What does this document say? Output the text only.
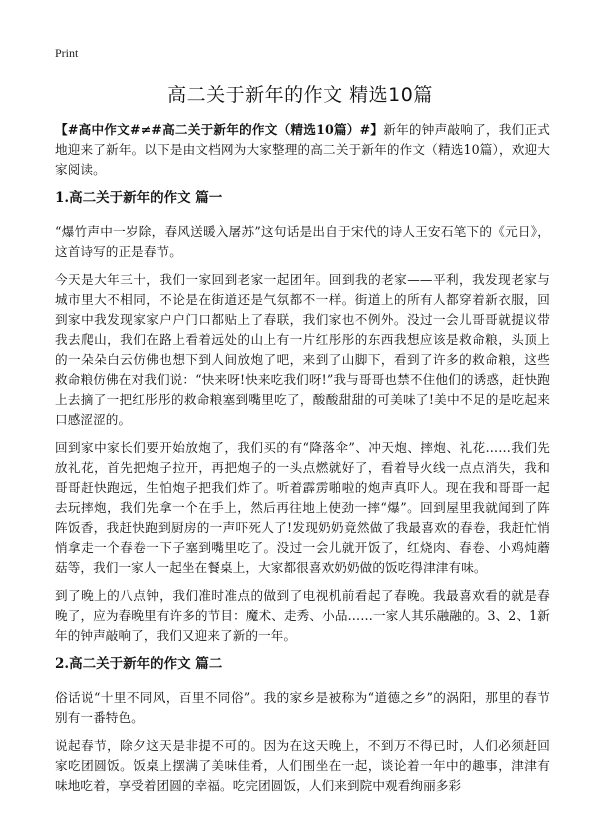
Print
高二关于新年的作文 精选10篇

【#高中作文#≠#高二关于新年的作文（精选10篇）#】新年的钟声敲响了，我们正式地迎来了新年。以下是由文档网为大家整理的高二关于新年的作文（精选10篇），欢迎大家阅读。

1.高二关于新年的作文 篇一

“爆竹声中一岁除，春风送暖入屠苏”这句话是出自于宋代的诗人王安石笔下的《元日》，这首诗写的正是春节。

今天是大年三十，我们一家回到老家一起团年。回到我的老家——平利，我发现老家与城市里大不相同，不论是在街道还是气氛都不一样。街道上的所有人都穿着新衣服，回到家中我发现家家户户门口都贴上了春联，我们家也不例外。没过一会儿哥哥就提议带我去爬山，我们在路上看着远处的山上有一片红彤彤的东西我想应该是救命粮，头顶上的一朵朵白云仿佛也想下到人间放炮了吧，来到了山脚下，看到了许多的救命粮，这些救命粮仿佛在对我们说：“快来呀!快来吃我们呀!”我与哥哥也禁不住他们的诱惑，赶快跑上去摘了一把红彤彤的救命粮塞到嘴里吃了，酸酸甜甜的可美味了!美中不足的是吃起来口感涩涩的。

回到家中家长们要开始放炮了，我们买的有“降落伞”、冲天炮、摔炮、礼花……我们先放礼花，首先把炮子拉开，再把炮子的一头点燃就好了，看着导火线一点点消失，我和哥哥赶快跑远，生怕炮子把我们炸了。听着霹雳啪啦的炮声真吓人。现在我和哥哥一起去玩摔炮，我们先拿一个在手上，然后再往地上使劲一摔“爆”。回到屋里我就闻到了阵阵饭香，我赶快跑到厨房的一声吓死人了!发现奶奶竟然做了我最喜欢的春卷，我赶忙悄悄拿走一个春卷一下子塞到嘴里吃了。没过一会儿就开饭了，红烧肉、春卷、小鸡炖蘑菇等，我们一家人一起坐在餐桌上，大家都很喜欢奶奶做的饭吃得津津有味。

到了晚上的八点钟，我们准时准点的做到了电视机前看起了春晚。我最喜欢看的就是春晚了，应为春晚里有许多的节目：魔术、走秀、小品……一家人其乐融融的。3、2、1新年的钟声敲响了，我们又迎来了新的一年。

2.高二关于新年的作文 篇二

俗话说“十里不同风，百里不同俗”。我的家乡是被称为“道德之乡”的涡阳，那里的春节别有一番特色。

说起春节，除夕这天是非提不可的。因为在这天晚上，不到万不得已时，人们必须赶回家吃团圆饭。饭桌上摆满了美味佳肴，人们围坐在一起，谈论着一年中的趣事，津津有味地吃着，享受着团圆的幸福。吃完团圆饭，人们来到院中观看绚丽多彩
